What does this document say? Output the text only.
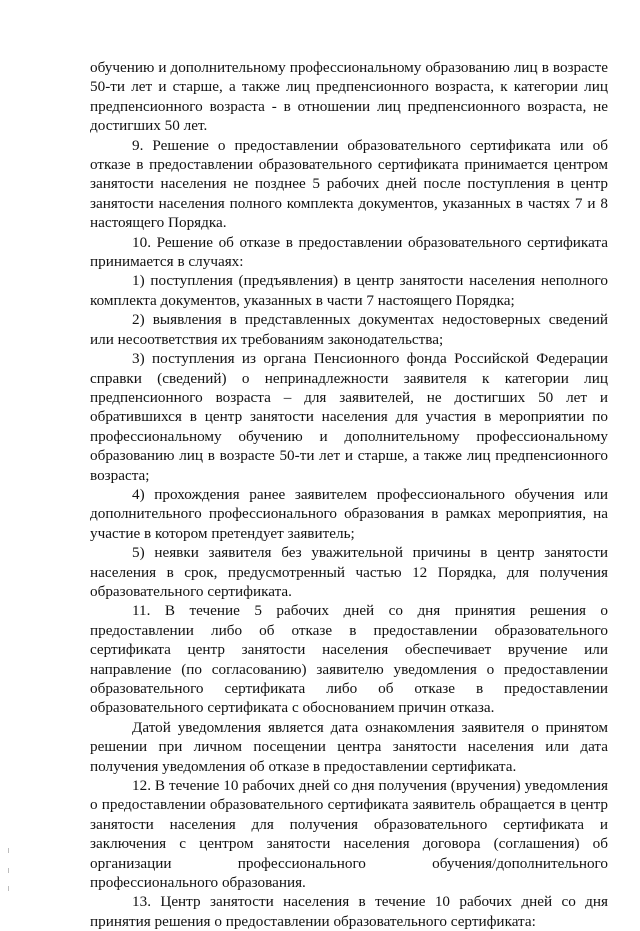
обучению и дополнительному профессиональному образованию лиц в возрасте 50-ти лет и старше, а также лиц предпенсионного возраста, к категории лиц предпенсионного возраста - в отношении лиц предпенсионного возраста, не достигших 50 лет.

9. Решение о предоставлении образовательного сертификата или об отказе в предоставлении образовательного сертификата принимается центром занятости населения не позднее 5 рабочих дней после поступления в центр занятости населения полного комплекта документов, указанных в частях 7 и 8 настоящего Порядка.

10. Решение об отказе в предоставлении образовательного сертификата принимается в случаях:

1) поступления (предъявления) в центр занятости населения неполного комплекта документов, указанных в части 7 настоящего Порядка;

2) выявления в представленных документах недостоверных сведений или несоответствия их требованиям законодательства;

3) поступления из органа Пенсионного фонда Российской Федерации справки (сведений) о непринадлежности заявителя к категории лиц предпенсионного возраста – для заявителей, не достигших 50 лет и обратившихся в центр занятости населения для участия в мероприятии по профессиональному обучению и дополнительному профессиональному образованию лиц в возрасте 50-ти лет и старше, а также лиц предпенсионного возраста;

4) прохождения ранее заявителем профессионального обучения или дополнительного профессионального образования в рамках мероприятия, на участие в котором претендует заявитель;

5) неявки заявителя без уважительной причины в центр занятости населения в срок, предусмотренный частью 12 Порядка, для получения образовательного сертификата.

11. В течение 5 рабочих дней со дня принятия решения о предоставлении либо об отказе в предоставлении образовательного сертификата центр занятости населения обеспечивает вручение или направление (по согласованию) заявителю уведомления о предоставлении образовательного сертификата либо об отказе в предоставлении образовательного сертификата с обоснованием причин отказа.

Датой уведомления является дата ознакомления заявителя о принятом решении при личном посещении центра занятости населения или дата получения уведомления об отказе в предоставлении сертификата.

12. В течение 10 рабочих дней со дня получения (вручения) уведомления о предоставлении образовательного сертификата заявитель обращается в центр занятости населения для получения образовательного сертификата и заключения с центром занятости населения договора (соглашения) об организации профессионального обучения/дополнительного профессионального образования.

13. Центр занятости населения в течение 10 рабочих дней со дня принятия решения о предоставлении образовательного сертификата:
